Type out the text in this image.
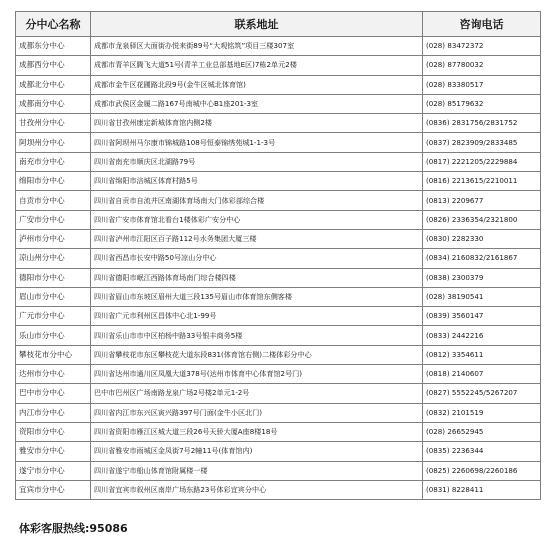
分中心名称	联系地址	咨询电话
成都东分中心	成都市龙泉驿区大面街办悦来街89号“大观铭筑”项目三楼307室	(028) 83472372
成都西分中心	成都市青羊区腾飞大道51号(青羊工业总部基地E区)7栋2单元2楼	(028) 87780032
成都北分中心	成都市金牛区花圃路北段9号(金牛区城北体育馆)	(028) 83380517
成都南分中心	成都市武侯区金履二路167号南城中心B1座201-3室	(028) 85179632
甘孜州分中心	四川省甘孜州康定新城体育馆内侧2楼	(0836) 2831756/2831752
阿坝州分中心	四川省阿坝州马尔康市锦城路108号恒泰锦绣苑城1-1-3号	(0837) 2823909/2833485
南充市分中心	四川省南充市顺庆区北湖路79号	(0817) 2221205/2229884
绵阳市分中心	四川省绵阳市涪城区体育村路5号	(0816) 2213615/2210011
自贡市分中心	四川省自贡市自流井区南湖体育场南大门体彩部综合楼	(0813) 2209677
广安市分中心	四川省广安市体育馆北看台1楼体彩广安分中心	(0826) 2336354/2321800
泸州市分中心	四川省泸州市江阳区百子路112号水务集团大厦三楼	(0830) 2282330
凉山州分中心	四川省西昌市长安中路50号凉山分中心	(0834) 2160832/2161867
德阳市分中心	四川省德阳市岷江西路体育场南门综合楼四楼	(0838) 2300379
眉山市分中心	四川省眉山市东坡区眉州大道三段135号眉山市体育馆东侧客楼	(028) 38190541
广元市分中心	四川省广元市利州区昌体中心北1-99号	(0839) 3560147
乐山市分中心	四川省乐山市市中区柏杨中路33号银丰商务5楼	(0833) 2442216
攀枝花市分中心	四川省攀枝花市东区攀枝花大道东段831(体育馆右侧)二楼体彩分中心	(0812) 3354611
达州市分中心	四川省达州市通川区凤凰大道378号(达州市体育中心体育馆2号门)	(0818) 2140607
巴中市分中心	巴中市巴州区广场南路龙泉广场2号楼2单元1-2号	(0827) 5552245/5267207
内江市分中心	四川省内江市东兴区寅兴路397号门面(金牛小区北门)	(0832) 2101519
资阳市分中心	四川省资阳市雁江区城大道三段26号天骄大厦A座8楼18号	(028) 26652945
雅安市分中心	四川省雅安市雨城区金凤街7号2幢11号(体育馆内)	(0835) 2236344
遂宁市分中心	四川省遂宁市船山体育馆附属楼一楼	(0825) 2260698/2260186
宜宾市分中心	四川省宜宾市叙州区南岸广场东路23号体彩宜宾分中心	(0831) 8228411
体彩客服热线:95086
